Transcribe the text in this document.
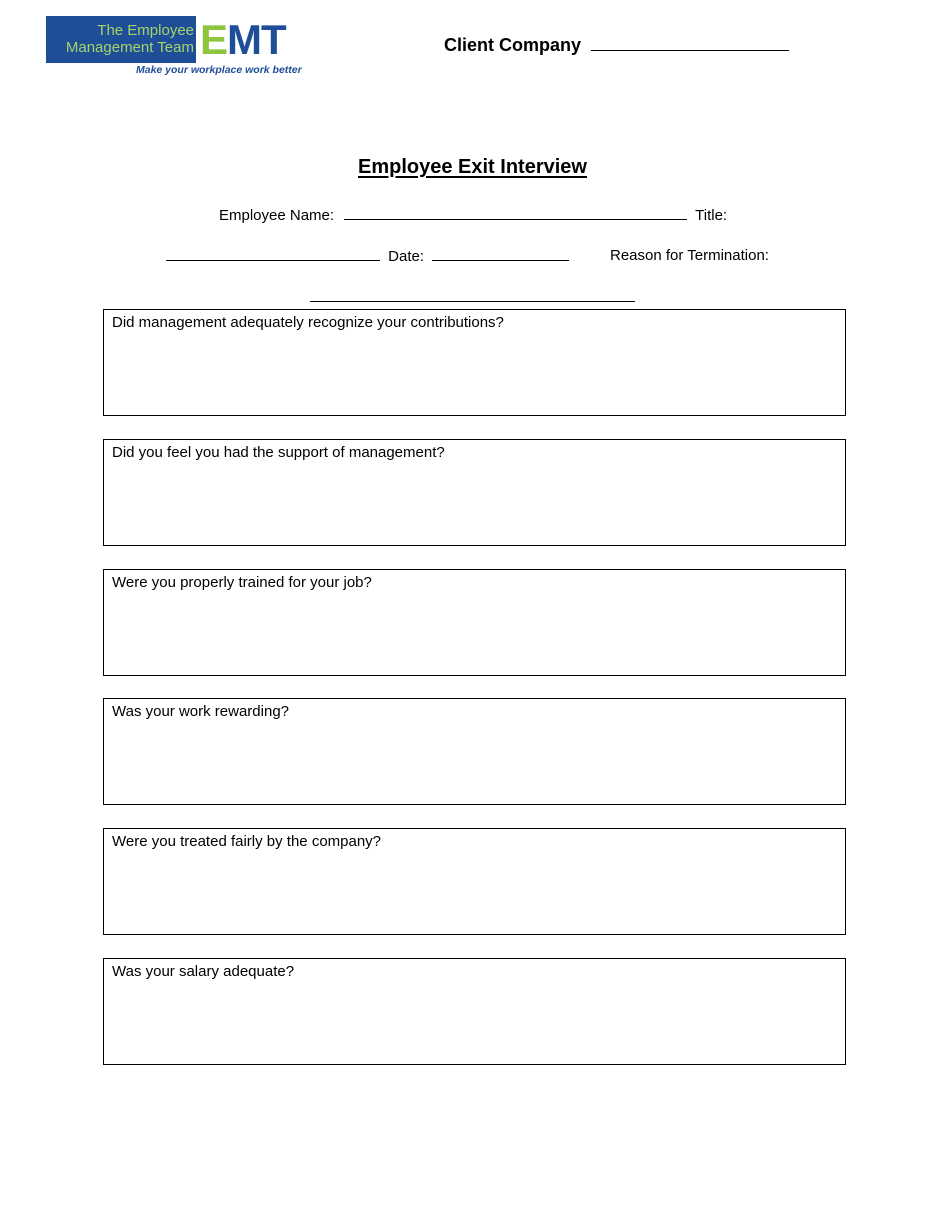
The Employee
Management Team EMT
Make your workplace work better
Client Company
Employee Exit Interview
Employee Name:	Title:
Date:	Reason for Termination:
Did management adequately recognize your contributions?
Did you feel you had the support of management?
Were you properly trained for your job?
Was your work rewarding?
Were you treated fairly by the company?
Was your salary adequate?
